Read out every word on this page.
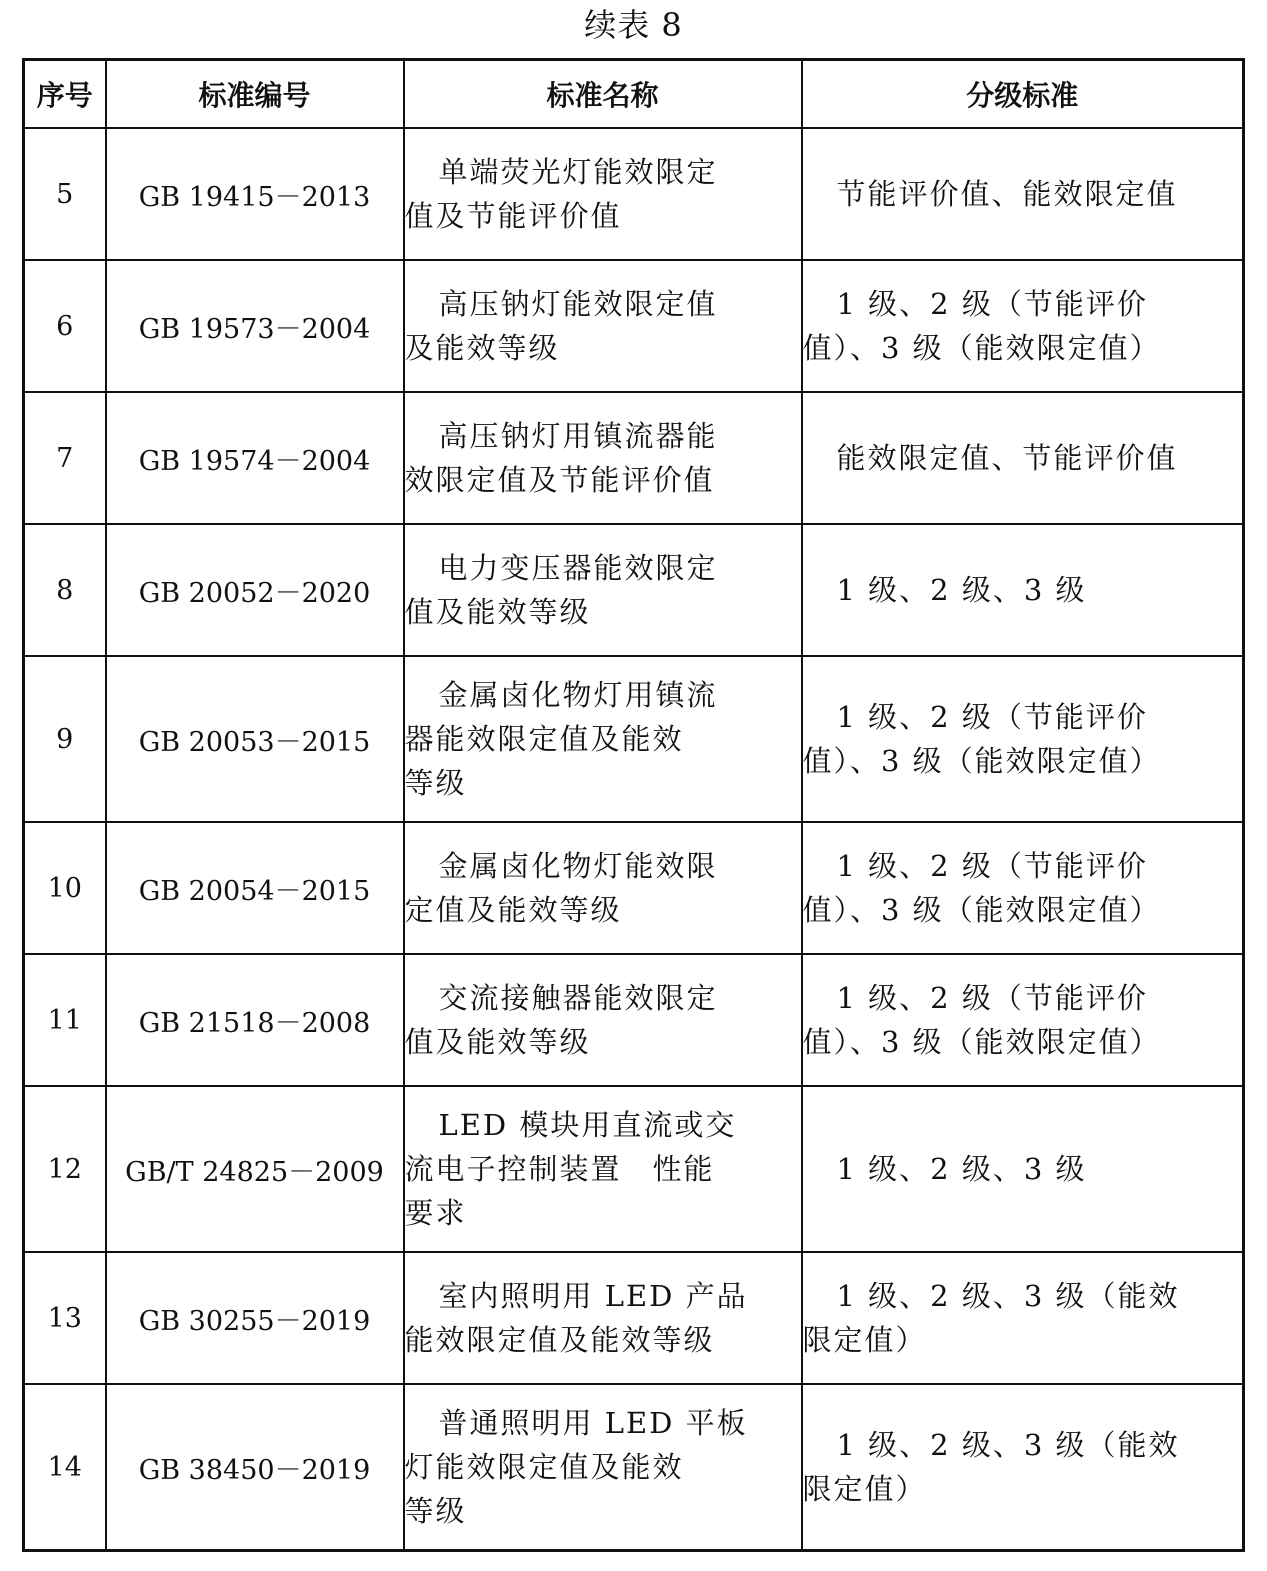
续表 8
序号	标准编号	标准名称	分级标准
5	GB 19415－2013	单端荧光灯能效限定
值及节能评价值	节能评价值、能效限定值

6	GB 19573－2004	高压钠灯能效限定值
及能效等级	1 级、2 级（节能评价
值）、3 级（能效限定值）

7	GB 19574－2004	高压钠灯用镇流器能
效限定值及节能评价值	能效限定值、节能评价值

8	GB 20052－2020	电力变压器能效限定
值及能效等级	1 级、2 级、3 级

9	GB 20053－2015	金属卤化物灯用镇流
器能效限定值及能效
等级	1 级、2 级（节能评价
值）、3 级（能效限定值）

10	GB 20054－2015	金属卤化物灯能效限
定值及能效等级	1 级、2 级（节能评价
值）、3 级（能效限定值）

11	GB 21518－2008	交流接触器能效限定
值及能效等级	1 级、2 级（节能评价
值）、3 级（能效限定值）

12	GB/T 24825－2009	LED 模块用直流或交
流电子控制装置　性能
要求	1 级、2 级、3 级

13	GB 30255－2019	室内照明用 LED 产品
能效限定值及能效等级	1 级、2 级、3 级（能效
限定值）

14	GB 38450－2019	普通照明用 LED 平板
灯能效限定值及能效
等级	1 级、2 级、3 级（能效
限定值）
